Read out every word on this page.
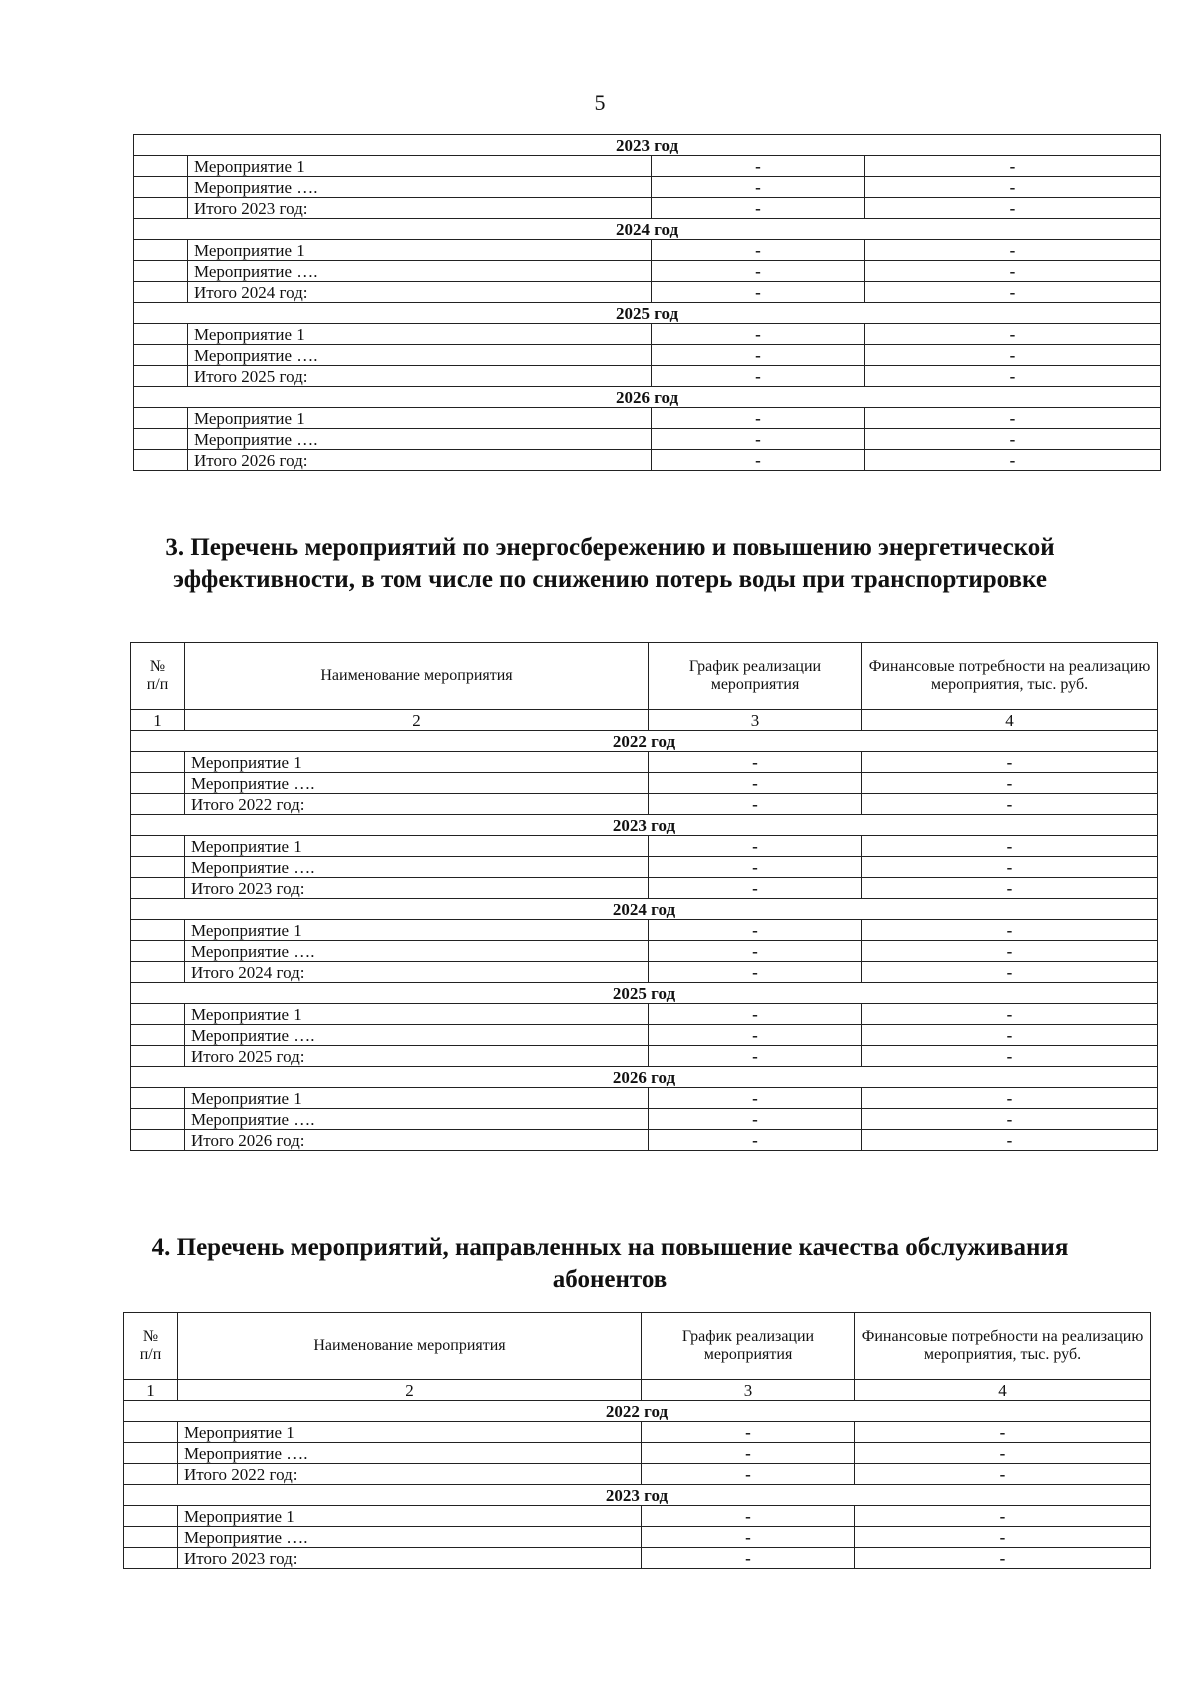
5
2023 год			
	Мероприятие 1	-	-
	Мероприятие ….	-	-
	Итого 2023 год:	-	-
2024 год			
	Мероприятие 1	-	-
	Мероприятие ….	-	-
	Итого 2024 год:	-	-
2025 год			
	Мероприятие 1	-	-
	Мероприятие ….	-	-
	Итого 2025 год:	-	-
2026 год			
	Мероприятие 1	-	-
	Мероприятие ….	-	-
	Итого 2026 год:	-	-
3. Перечень мероприятий по энергосбережению и повышению энергетической эффективности, в том числе по снижению потерь воды при транспортировке
№
п/п	Наименование мероприятия	График реализации мероприятия	Финансовые потребности на реализацию мероприятия, тыс. руб.
1	2	3	4
2022 год			
	Мероприятие 1	-	-
	Мероприятие ….	-	-
	Итого 2022 год:	-	-
2023 год			
	Мероприятие 1	-	-
	Мероприятие ….	-	-
	Итого 2023 год:	-	-
2024 год			
	Мероприятие 1	-	-
	Мероприятие ….	-	-
	Итого 2024 год:	-	-
2025 год			
	Мероприятие 1	-	-
	Мероприятие ….	-	-
	Итого 2025 год:	-	-
2026 год			
	Мероприятие 1	-	-
	Мероприятие ….	-	-
	Итого 2026 год:	-	-
4. Перечень мероприятий, направленных на повышение качества обслуживания абонентов
№
п/п	Наименование мероприятия	График реализации мероприятия	Финансовые потребности на реализацию мероприятия, тыс. руб.
1	2	3	4
2022 год			
	Мероприятие 1	-	-
	Мероприятие ….	-	-
	Итого 2022 год:	-	-
2023 год			
	Мероприятие 1	-	-
	Мероприятие ….	-	-
	Итого 2023 год:	-	-
